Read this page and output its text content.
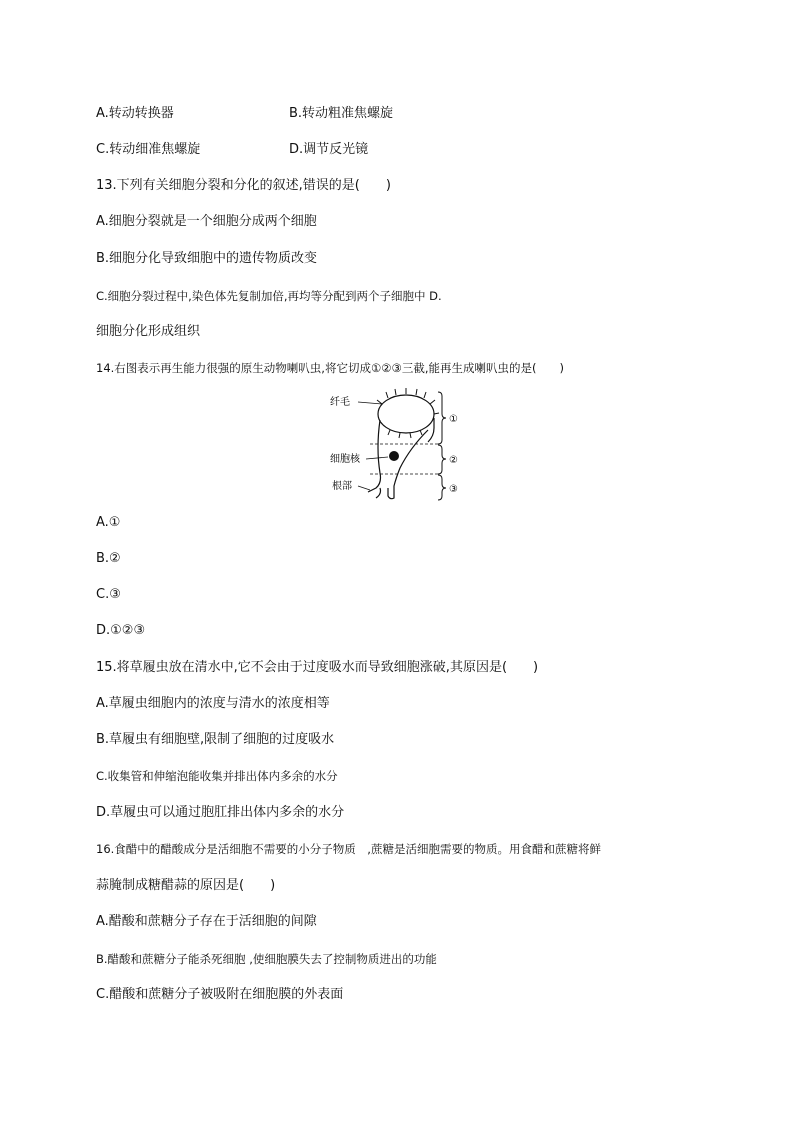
A.转动转换器	B.转动粗准焦螺旋
C.转动细准焦螺旋	D.调节反光镜
13.下列有关细胞分裂和分化的叙述,错误的是(　　)
A.细胞分裂就是一个细胞分成两个细胞
B.细胞分化导致细胞中的遗传物质改变
C.细胞分裂过程中,染色体先复制加倍,再均等分配到两个子细胞中 D.
细胞分化形成组织
14.右图表示再生能力很强的原生动物喇叭虫,将它切成①②③三截,能再生成喇叭虫的是(　　)
纤毛
细胞核
根部
①
②
③
A.①
B.②
C.③
D.①②③
15.将草履虫放在清水中,它不会由于过度吸水而导致细胞涨破,其原因是(　　)
A.草履虫细胞内的浓度与清水的浓度相等
B.草履虫有细胞壁,限制了细胞的过度吸水
C.收集管和伸缩泡能收集并排出体内多余的水分
D.草履虫可以通过胞肛排出体内多余的水分
16.食醋中的醋酸成分是活细胞不需要的小分子物质　,蔗糖是活细胞需要的物质。用食醋和蔗糖将鲜
蒜腌制成糖醋蒜的原因是(　　)
A.醋酸和蔗糖分子存在于活细胞的间隙
B.醋酸和蔗糖分子能杀死细胞 ,使细胞膜失去了控制物质进出的功能
C.醋酸和蔗糖分子被吸附在细胞膜的外表面
